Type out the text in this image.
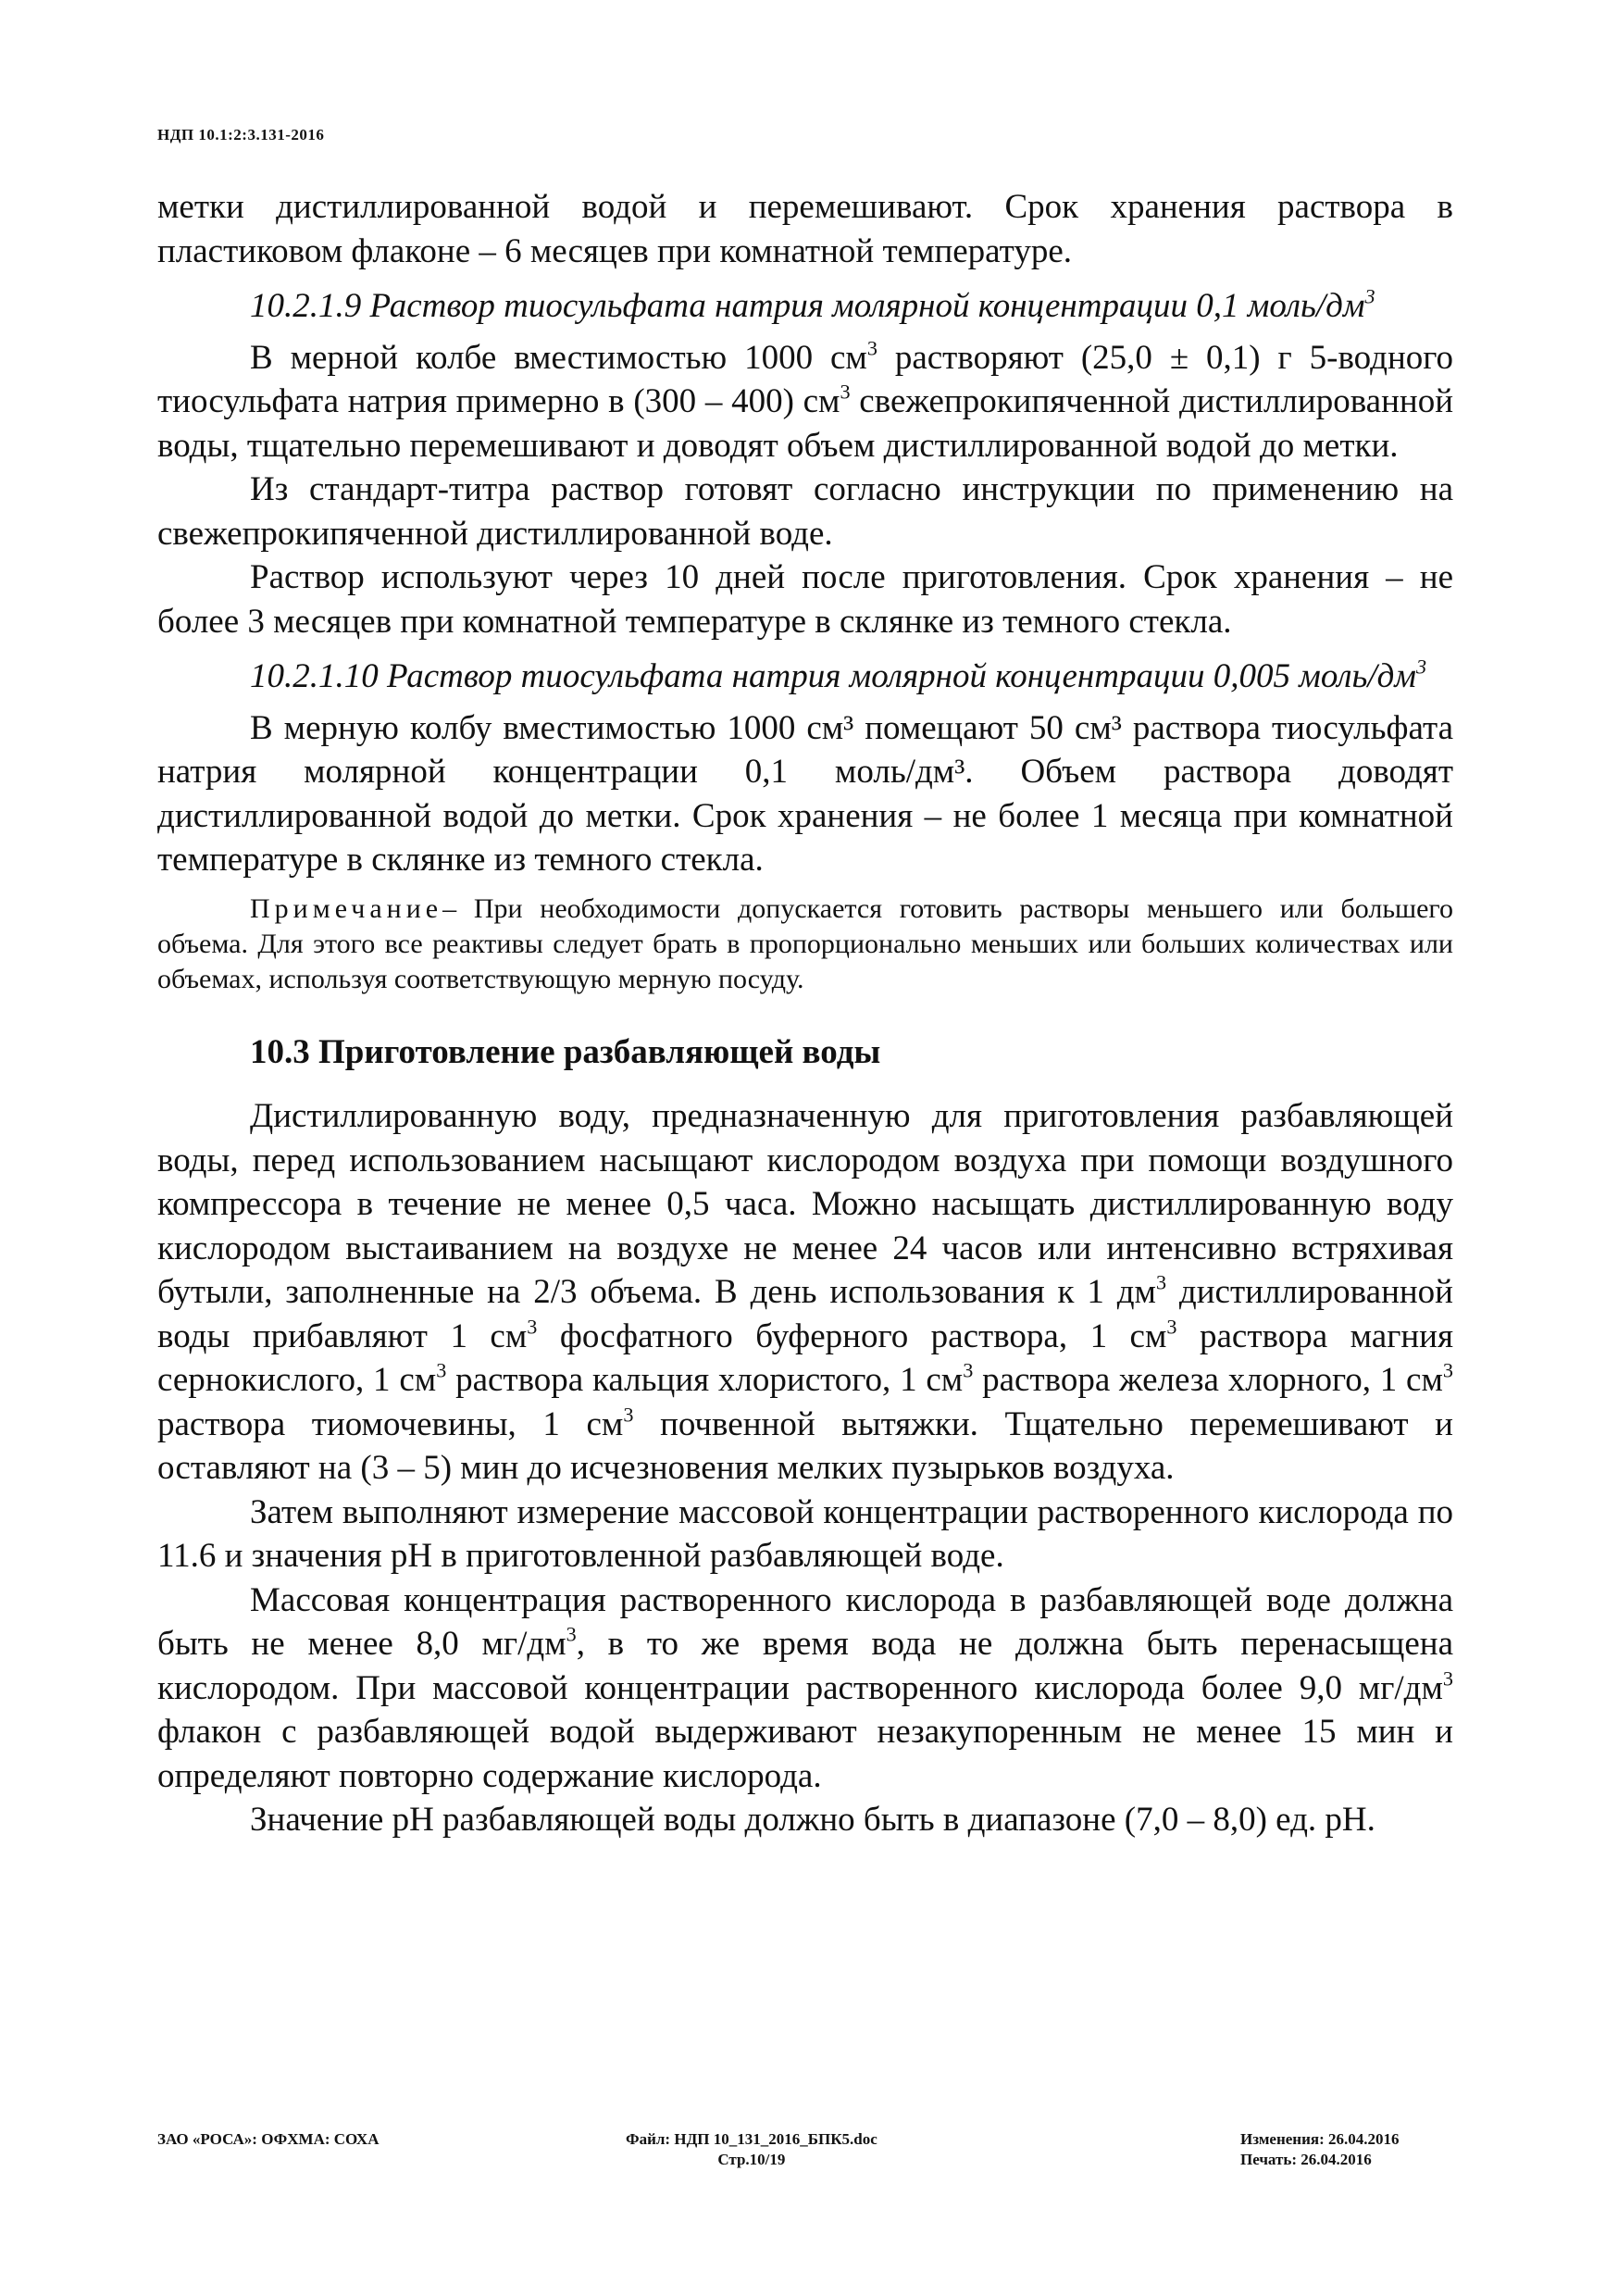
НДП 10.1:2:3.131-2016

метки дистиллированной водой и перемешивают. Срок хранения раствора в пластиковом флаконе – 6 месяцев при комнатной температуре.

10.2.1.9 Раствор тиосульфата натрия молярной концентрации 0,1 моль/$дм^3$

В мерной колбе вместимостью 1000 $см^3$ растворяют (25,0 ± 0,1) г 5-водного тиосульфата натрия примерно в (300 – 400) $см^3$ свежепрокипяченной дистиллированной воды, тщательно перемешивают и доводят объем дистиллированной водой до метки.

Из стандарт-титра раствор готовят согласно инструкции по применению на свежепрокипяченной дистиллированной воде.

Раствор используют через 10 дней после приготовления. Срок хранения – не более 3 месяцев при комнатной температуре в склянке из темного стекла.

10.2.1.10 Раствор тиосульфата натрия молярной концентрации 0,005 моль/$дм^3$

В мерную колбу вместимостью 1000 см³ помещают 50 см³ раствора тиосульфата натрия молярной концентрации 0,1 моль/дм³. Объем раствора доводят дистиллированной водой до метки. Срок хранения – не более 1 месяца при комнатной температуре в склянке из темного стекла.

Примечание– При необходимости допускается готовить растворы меньшего или большего объема. Для этого все реактивы следует брать в пропорционально меньших или больших количествах или объемах, используя соответствующую мерную посуду.

10.3 Приготовление разбавляющей воды

Дистиллированную воду, предназначенную для приготовления разбавляющей воды, перед использованием насыщают кислородом воздуха при помощи воздушного компрессора в течение не менее 0,5 часа. Можно насыщать дистиллированную воду кислородом выстаиванием на воздухе не менее 24 часов или интенсивно встряхивая бутыли, заполненные на 2/3 объема. В день использования к 1 $дм^3$ дистиллированной воды прибавляют 1 $см^3$ фосфатного буферного раствора, 1 $см^3$ раствора магния сернокислого, 1 $см^3$ раствора кальция хлористого, 1 $см^3$ раствора железа хлорного, 1 $см^3$ раствора тиомочевины, 1 $см^3$ почвенной вытяжки. Тщательно перемешивают и оставляют на (3 – 5) мин до исчезновения мелких пузырьков воздуха.

Затем выполняют измерение массовой концентрации растворенного кислорода по 11.6 и значения pH в приготовленной разбавляющей воде.

Массовая концентрация растворенного кислорода в разбавляющей воде должна быть не менее 8,0 $мг/дм^3$, в то же время вода не должна быть перенасыщена кислородом. При массовой концентрации растворенного кислорода более 9,0 $мг/дм^3$ флакон с разбавляющей водой выдерживают незакупоренным не менее 15 мин и определяют повторно содержание кислорода.

Значение pH разбавляющей воды должно быть в диапазоне (7,0 – 8,0) ед. pH.

ЗАО «РОСА»: ОФХМА: СОХА	Файл: НДП 10_131_2016_БПК5.doc
Стр.10/19
Изменения: 26.04.2016
Печать: 26.04.2016
